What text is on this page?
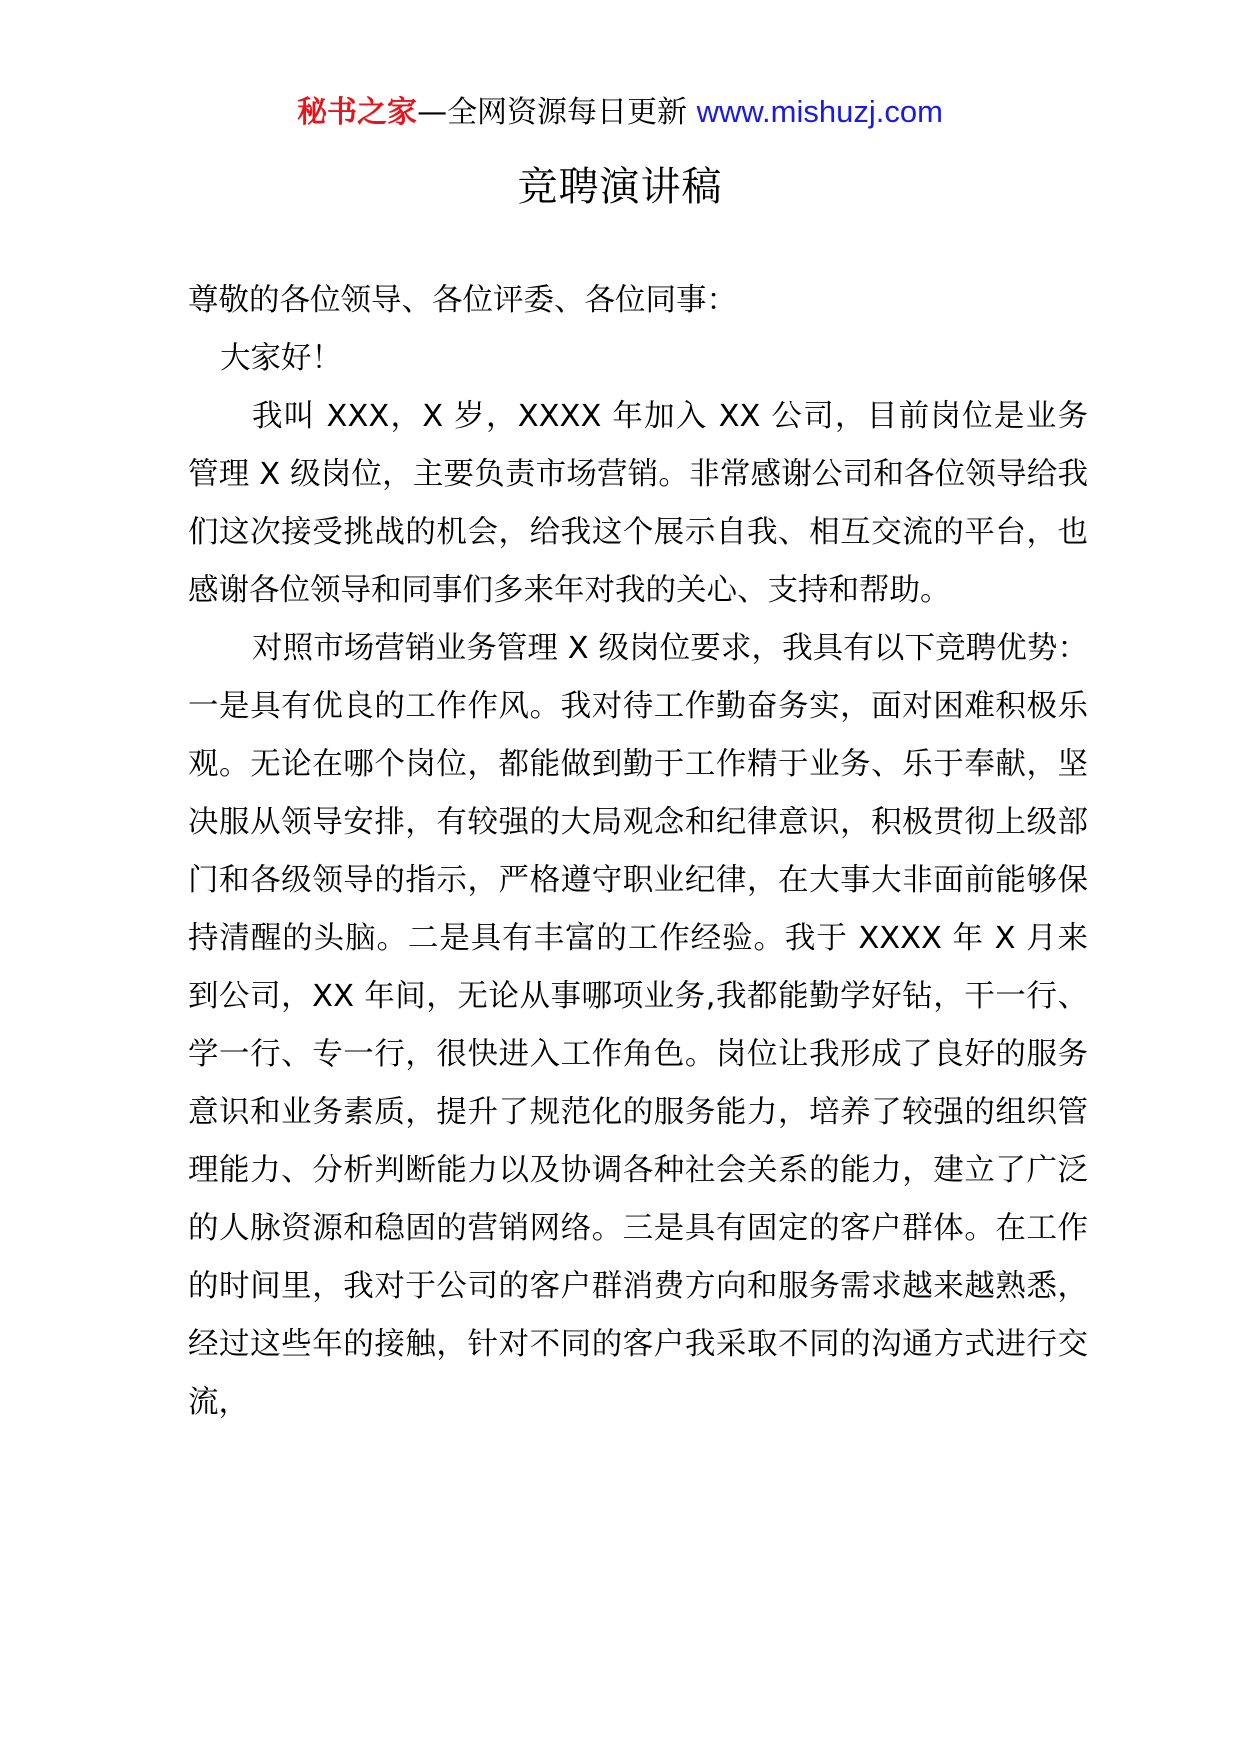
秘书之家—全网资源每日更新 www.mishuzj.com
竞聘演讲稿

尊敬的各位领导、各位评委、各位同事：

大家好！

我叫 XXX，X 岁，XXXX 年加入 XX 公司，目前岗位是业务管理 X 级岗位，主要负责市场营销。非常感谢公司和各位领导给我们这次接受挑战的机会，给我这个展示自我、相互交流的平台，也感谢各位领导和同事们多来年对我的关心、支持和帮助。

对照市场营销业务管理 X 级岗位要求，我具有以下竞聘优势：一是具有优良的工作作风。我对待工作勤奋务实，面对困难积极乐观。无论在哪个岗位，都能做到勤于工作精于业务、乐于奉献，坚决服从领导安排，有较强的大局观念和纪律意识，积极贯彻上级部门和各级领导的指示，严格遵守职业纪律，在大事大非面前能够保持清醒的头脑。二是具有丰富的工作经验。我于 XXXX 年 X 月来到公司，XX 年间，无论从事哪项业务,我都能勤学好钻，干一行、学一行、专一行，很快进入工作角色。岗位让我形成了良好的服务意识和业务素质，提升了规范化的服务能力，培养了较强的组织管理能力、分析判断能力以及协调各种社会关系的能力，建立了广泛的人脉资源和稳固的营销网络。三是具有固定的客户群体。在工作的时间里，我对于公司的客户群消费方向和服务需求越来越熟悉，经过这些年的接触，针对不同的客户我采取不同的沟通方式进行交流，
